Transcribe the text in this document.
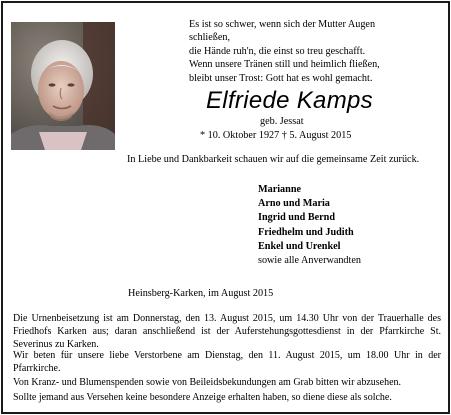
Es ist so schwer, wenn sich der Mutter Augen
schließen,
die Hände ruh'n, die einst so treu geschafft.
Wenn unsere Tränen still und heimlich fließen,
bleibt unser Trost: Gott hat es wohl gemacht.
Elfriede Kamps
geb. Jessat
* 10. Oktober 1927 † 5. August 2015
In Liebe und Dankbarkeit schauen wir auf die gemeinsame Zeit zurück.
Marianne
Arno und Maria
Ingrid und Bernd
Friedhelm und Judith
Enkel und Urenkel
sowie alle Anverwandten
Heinsberg-Karken, im August 2015
Die Urnenbeisetzung ist am Donnerstag, den 13. August 2015, um 14.30 Uhr von der Trauerhalle des Friedhofs Karken aus; daran anschließend ist der Auferstehungsgottesdienst in der Pfarrkirche St. Severinus zu Karken.
Wir beten für unsere liebe Verstorbene am Dienstag, den 11. August 2015, um 18.00 Uhr in der Pfarrkirche.
Von Kranz- und Blumenspenden sowie von Beileidsbekundungen am Grab bitten wir abzusehen.
Sollte jemand aus Versehen keine besondere Anzeige erhalten haben, so diene diese als solche.
